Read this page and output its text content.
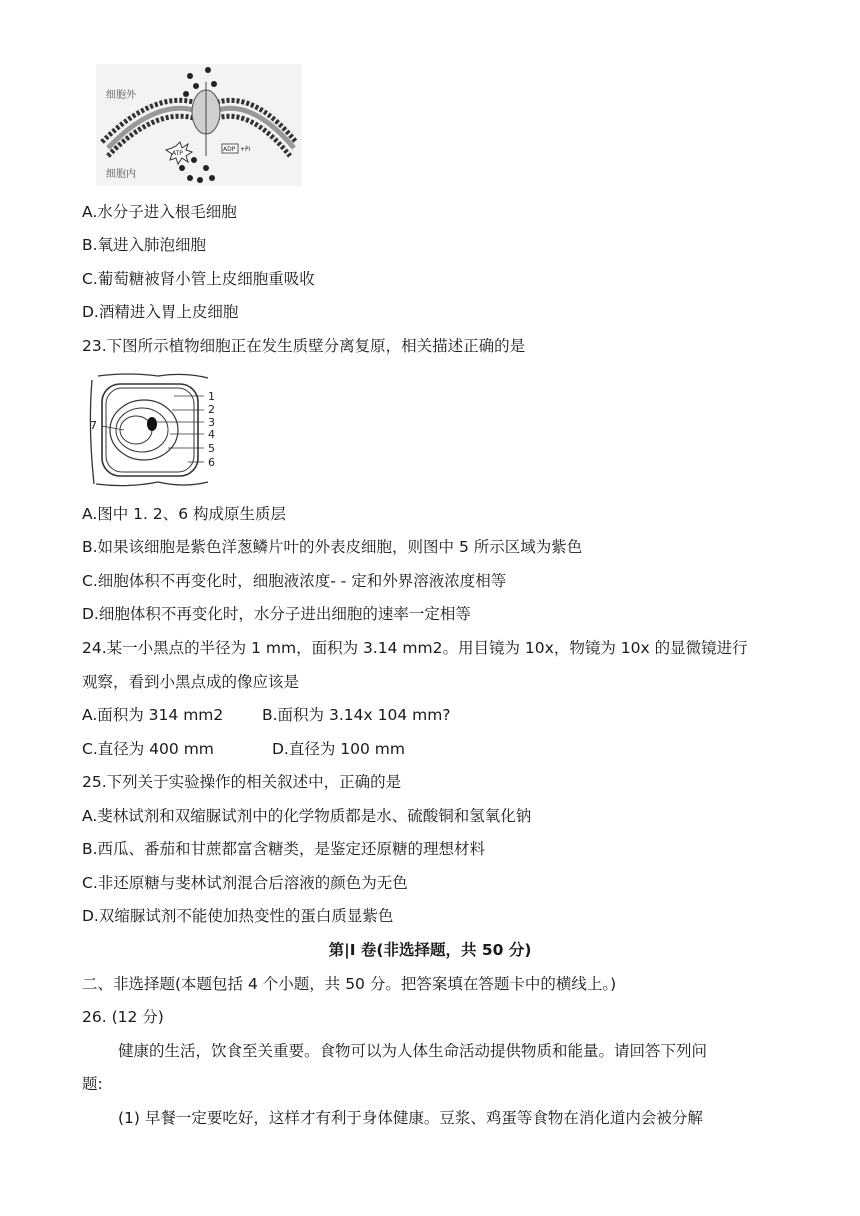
细胞外
细胞内
ATP
ADP +Pi
A.水分子进入根毛细胞
B.氧进入肺泡细胞
C.葡萄糖被肾小管上皮细胞重吸收
D.酒精进入胃上皮细胞
23.下图所示植物细胞正在发生质壁分离复原，相关描述正确的是
1
2
3
4
5
6
7
A.图中 1. 2、6 构成原生质层
B.如果该细胞是紫色洋葱鳞片叶的外表皮细胞，则图中 5 所示区域为紫色
C.细胞体积不再变化时，细胞液浓度- - 定和外界溶液浓度相等
D.细胞体积不再变化时，水分子进出细胞的速率一定相等
24.某一小黑点的半径为 1 mm，面积为 3.14 mm2。用目镜为 10x，物镜为 10x 的显微镜进行
观察，看到小黑点成的像应该是
A.面积为 314 mm2 B.面积为 3.14x 104 mm?
C.直径为 400 mm	D.直径为 100 mm
25.下列关于实验操作的相关叙述中，正确的是
A.斐林试剂和双缩脲试剂中的化学物质都是水、硫酸铜和氢氧化钠
B.西瓜、番茄和甘蔗都富含糖类，是鉴定还原糖的理想材料
C.非还原糖与斐林试剂混合后溶液的颜色为无色
D.双缩脲试剂不能使加热变性的蛋白质显紫色
第|I 卷(非选择题，共 50 分)
二、非选择题(本题包括 4 个小题，共 50 分。把答案填在答题卡中的横线上。)
26. (12 分)
健康的生活，饮食至关重要。食物可以为人体生命活动提供物质和能量。请回答下列问
题:
(1) 早餐一定要吃好，这样才有利于身体健康。豆浆、鸡蛋等食物在消化道内会被分解
